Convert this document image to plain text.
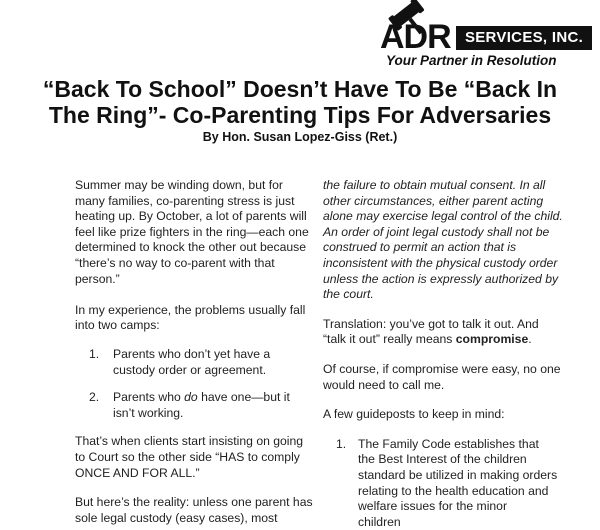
ADR SERVICES, INC.
Your Partner in Resolution
“Back To School” Doesn’t Have To Be “Back In
The Ring”- Co-Parenting Tips For Adversaries
By Hon. Susan Lopez-Giss (Ret.)

Summer may be winding down, but for
many families, co-parenting stress is just
heating up. By October, a lot of parents will
feel like prize fighters in the ring—each one
determined to knock the other out because
“there’s no way to co-parent with that
person.”

In my experience, the problems usually fall
into two camps:

1. Parents who don’t yet have a
custody order or agreement.
2. Parents who do have one—but it
isn’t working.

That’s when clients start insisting on going
to Court so the other side “HAS to comply
ONCE AND FOR ALL.”

But here’s the reality: unless one parent has
sole legal custody (easy cases), most

the failure to obtain mutual consent. In all
other circumstances, either parent acting
alone may exercise legal control of the child.
An order of joint legal custody shall not be
construed to permit an action that is
inconsistent with the physical custody order
unless the action is expressly authorized by
the court.

Translation: you’ve got to talk it out. And
“talk it out” really means compromise.

Of course, if compromise were easy, no one
would need to call me.

A few guideposts to keep in mind:

1. The Family Code establishes that
the Best Interest of the children
standard be utilized in making orders
relating to the health education and
welfare issues for the minor
children
